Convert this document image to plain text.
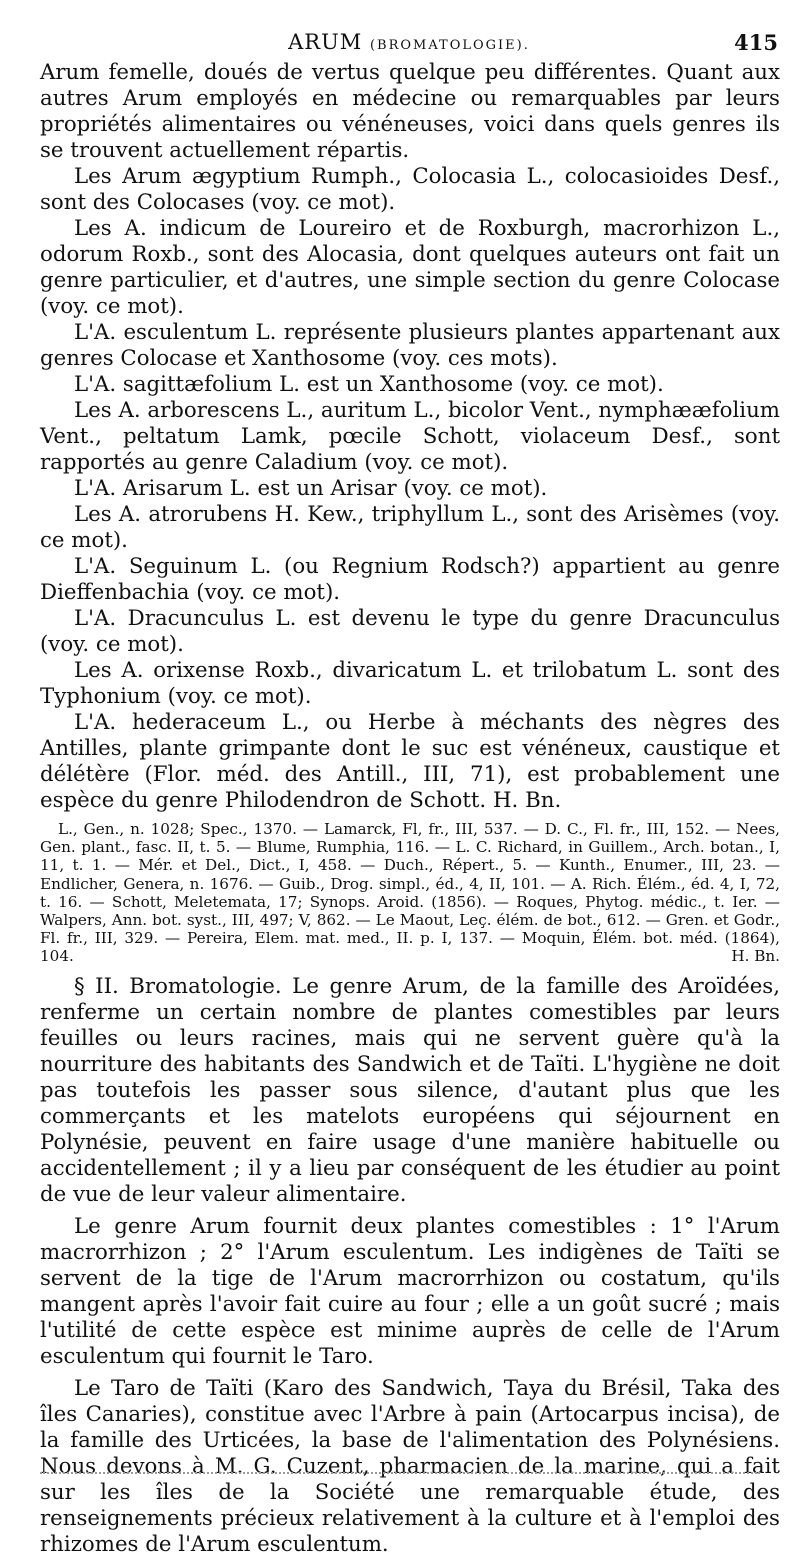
ARUM (BROMATOLOGIE).	415

Arum femelle, doués de vertus quelque peu différentes. Quant aux autres Arum employés en médecine ou remarquables par leurs propriétés alimentaires ou vénéneuses, voici dans quels genres ils se trouvent actuellement répartis.

Les Arum ægyptium Rumph., Colocasia L., colocasioides Desf., sont des Colocases (voy. ce mot).

Les A. indicum de Loureiro et de Roxburgh, macrorhizon L., odorum Roxb., sont des Alocasia, dont quelques auteurs ont fait un genre particulier, et d'autres, une simple section du genre Colocase (voy. ce mot).

L'A. esculentum L. représente plusieurs plantes appartenant aux genres Colocase et Xanthosome (voy. ces mots).

L'A. sagittæfolium L. est un Xanthosome (voy. ce mot).

Les A. arborescens L., auritum L., bicolor Vent., nymphææfolium Vent., peltatum Lamk, pœcile Schott, violaceum Desf., sont rapportés au genre Caladium (voy. ce mot).

L'A. Arisarum L. est un Arisar (voy. ce mot).

Les A. atrorubens H. Kew., triphyllum L., sont des Arisèmes (voy. ce mot).

L'A. Seguinum L. (ou Regnium Rodsch?) appartient au genre Dieffenbachia (voy. ce mot).

L'A. Dracunculus L. est devenu le type du genre Dracunculus (voy. ce mot).

Les A. orixense Roxb., divaricatum L. et trilobatum L. sont des Typhonium (voy. ce mot).

L'A. hederaceum L., ou Herbe à méchants des nègres des Antilles, plante grimpante dont le suc est vénéneux, caustique et délétère (Flor. méd. des Antill., III, 71), est probablement une espèce du genre Philodendron de Schott. H. Bn.

L., Gen., n. 1028; Spec., 1370. — Lamarck, Fl, fr., III, 537. — D. C., Fl. fr., III, 152. — Nees, Gen. plant., fasc. II, t. 5. — Blume, Rumphia, 116. — L. C. Richard, in Guillem., Arch. botan., I, 11, t. 1. — Mér. et Del., Dict., I, 458. — Duch., Répert., 5. — Kunth., Enumer., III, 23. — Endlicher, Genera, n. 1676. — Guib., Drog. simpl., éd., 4, II, 101. — A. Rich. Élém., éd. 4, I, 72, t. 16. — Schott, Meletemata, 17; Synops. Aroid. (1856). — Roques, Phytog. médic., t. Ier. — Walpers, Ann. bot. syst., III, 497; V, 862. — Le Maout, Leç. élém. de bot., 612. — Gren. et Godr., Fl. fr., III, 329. — Pereira, Elem. mat. med., II. p. I, 137. — Moquin, Élém. bot. méd. (1864), 104.	H. Bn.

§ II. Bromatologie. Le genre Arum, de la famille des Aroïdées, renferme un certain nombre de plantes comestibles par leurs feuilles ou leurs racines, mais qui ne servent guère qu'à la nourriture des habitants des Sandwich et de Taïti. L'hygiène ne doit pas toutefois les passer sous silence, d'autant plus que les commerçants et les matelots européens qui séjournent en Polynésie, peuvent en faire usage d'une manière habituelle ou accidentellement ; il y a lieu par conséquent de les étudier au point de vue de leur valeur alimentaire.

Le genre Arum fournit deux plantes comestibles : 1° l'Arum macrorrhizon ; 2° l'Arum esculentum. Les indigènes de Taïti se servent de la tige de l'Arum macrorrhizon ou costatum, qu'ils mangent après l'avoir fait cuire au four ; elle a un goût sucré ; mais l'utilité de cette espèce est minime auprès de celle de l'Arum esculentum qui fournit le Taro.

Le Taro de Taïti (Karo des Sandwich, Taya du Brésil, Taka des îles Canaries), constitue avec l'Arbre à pain (Artocarpus incisa), de la famille des Urticées, la base de l'alimentation des Polynésiens. Nous devons à M. G. Cuzent, pharmacien de la marine, qui a fait sur les îles de la Société une remarquable étude, des renseignements précieux relativement à la culture et à l'emploi des rhizomes de l'Arum esculentum.
